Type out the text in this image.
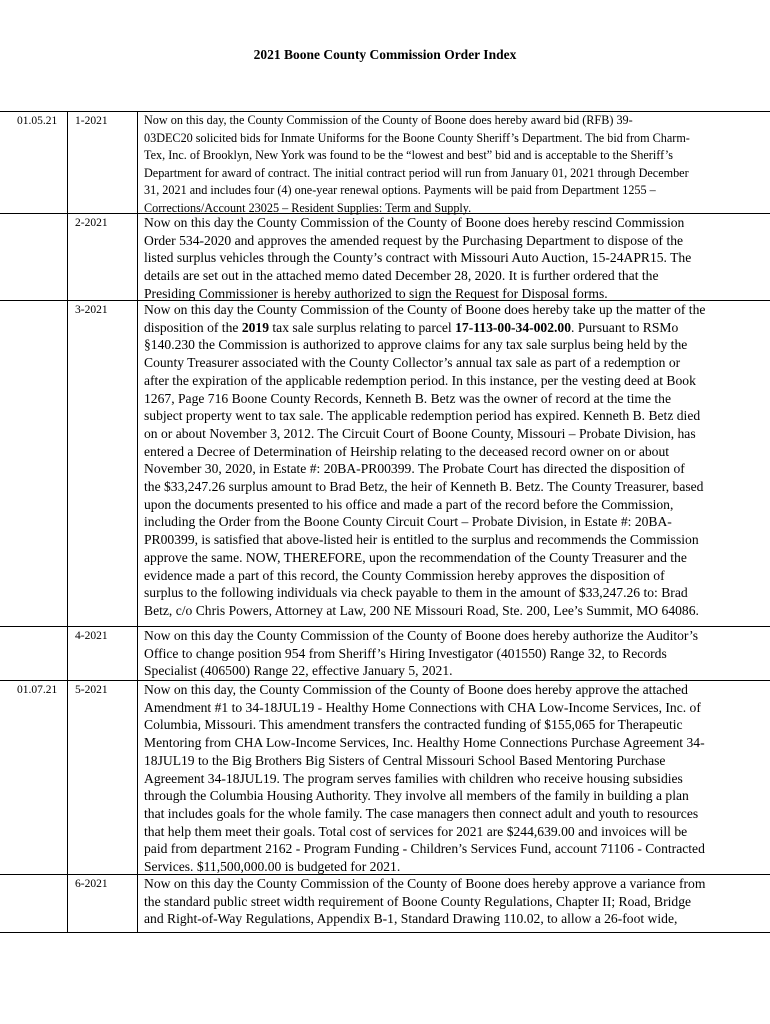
2021 Boone County Commission Order Index
01.05.21 1-2021	Now on this day, the County Commission of the County of Boone does hereby award bid (RFB) 39-
03DEC20 solicited bids for Inmate Uniforms for the Boone County Sheriff’s Department. The bid from Charm-
Tex, Inc. of Brooklyn, New York was found to be the “lowest and best” bid and is acceptable to the Sheriff’s
Department for award of contract. The initial contract period will run from January 01, 2021 through December
31, 2021 and includes four (4) one-year renewal options. Payments will be paid from Department 1255 –
Corrections/Account 23025 – Resident Supplies: Term and Supply.
2-2021	Now on this day the County Commission of the County of Boone does hereby rescind Commission
Order 534-2020 and approves the amended request by the Purchasing Department to dispose of the
listed surplus vehicles through the County’s contract with Missouri Auto Auction, 15-24APR15. The
details are set out in the attached memo dated December 28, 2020. It is further ordered that the
Presiding Commissioner is hereby authorized to sign the Request for Disposal forms.
3-2021	Now on this day the County Commission of the County of Boone does hereby take up the matter of the
disposition of the 2019 tax sale surplus relating to parcel 17-113-00-34-002.00. Pursuant to RSMo
§140.230 the Commission is authorized to approve claims for any tax sale surplus being held by the
County Treasurer associated with the County Collector’s annual tax sale as part of a redemption or
after the expiration of the applicable redemption period. In this instance, per the vesting deed at Book
1267, Page 716 Boone County Records, Kenneth B. Betz was the owner of record at the time the
subject property went to tax sale. The applicable redemption period has expired. Kenneth B. Betz died
on or about November 3, 2012. The Circuit Court of Boone County, Missouri – Probate Division, has
entered a Decree of Determination of Heirship relating to the deceased record owner on or about
November 30, 2020, in Estate #: 20BA-PR00399. The Probate Court has directed the disposition of
the $33,247.26 surplus amount to Brad Betz, the heir of Kenneth B. Betz. The County Treasurer, based
upon the documents presented to his office and made a part of the record before the Commission,
including the Order from the Boone County Circuit Court – Probate Division, in Estate #: 20BA-
PR00399, is satisfied that above-listed heir is entitled to the surplus and recommends the Commission
approve the same. NOW, THEREFORE, upon the recommendation of the County Treasurer and the
evidence made a part of this record, the County Commission hereby approves the disposition of
surplus to the following individuals via check payable to them in the amount of $33,247.26 to: Brad
Betz, c/o Chris Powers, Attorney at Law, 200 NE Missouri Road, Ste. 200, Lee’s Summit, MO 64086.
4-2021	Now on this day the County Commission of the County of Boone does hereby authorize the Auditor’s
Office to change position 954 from Sheriff’s Hiring Investigator (401550) Range 32, to Records
Specialist (406500) Range 22, effective January 5, 2021.
01.07.21 5-2021	Now on this day, the County Commission of the County of Boone does hereby approve the attached
Amendment #1 to 34-18JUL19 - Healthy Home Connections with CHA Low-Income Services, Inc. of
Columbia, Missouri. This amendment transfers the contracted funding of $155,065 for Therapeutic
Mentoring from CHA Low-Income Services, Inc. Healthy Home Connections Purchase Agreement 34-
18JUL19 to the Big Brothers Big Sisters of Central Missouri School Based Mentoring Purchase
Agreement 34-18JUL19. The program serves families with children who receive housing subsidies
through the Columbia Housing Authority. They involve all members of the family in building a plan
that includes goals for the whole family. The case managers then connect adult and youth to resources
that help them meet their goals. Total cost of services for 2021 are $244,639.00 and invoices will be
paid from department 2162 - Program Funding - Children’s Services Fund, account 71106 - Contracted
Services. $11,500,000.00 is budgeted for 2021.
6-2021	Now on this day the County Commission of the County of Boone does hereby approve a variance from
the standard public street width requirement of Boone County Regulations, Chapter II; Road, Bridge
and Right-of-Way Regulations, Appendix B-1, Standard Drawing 110.02, to allow a 26-foot wide,
